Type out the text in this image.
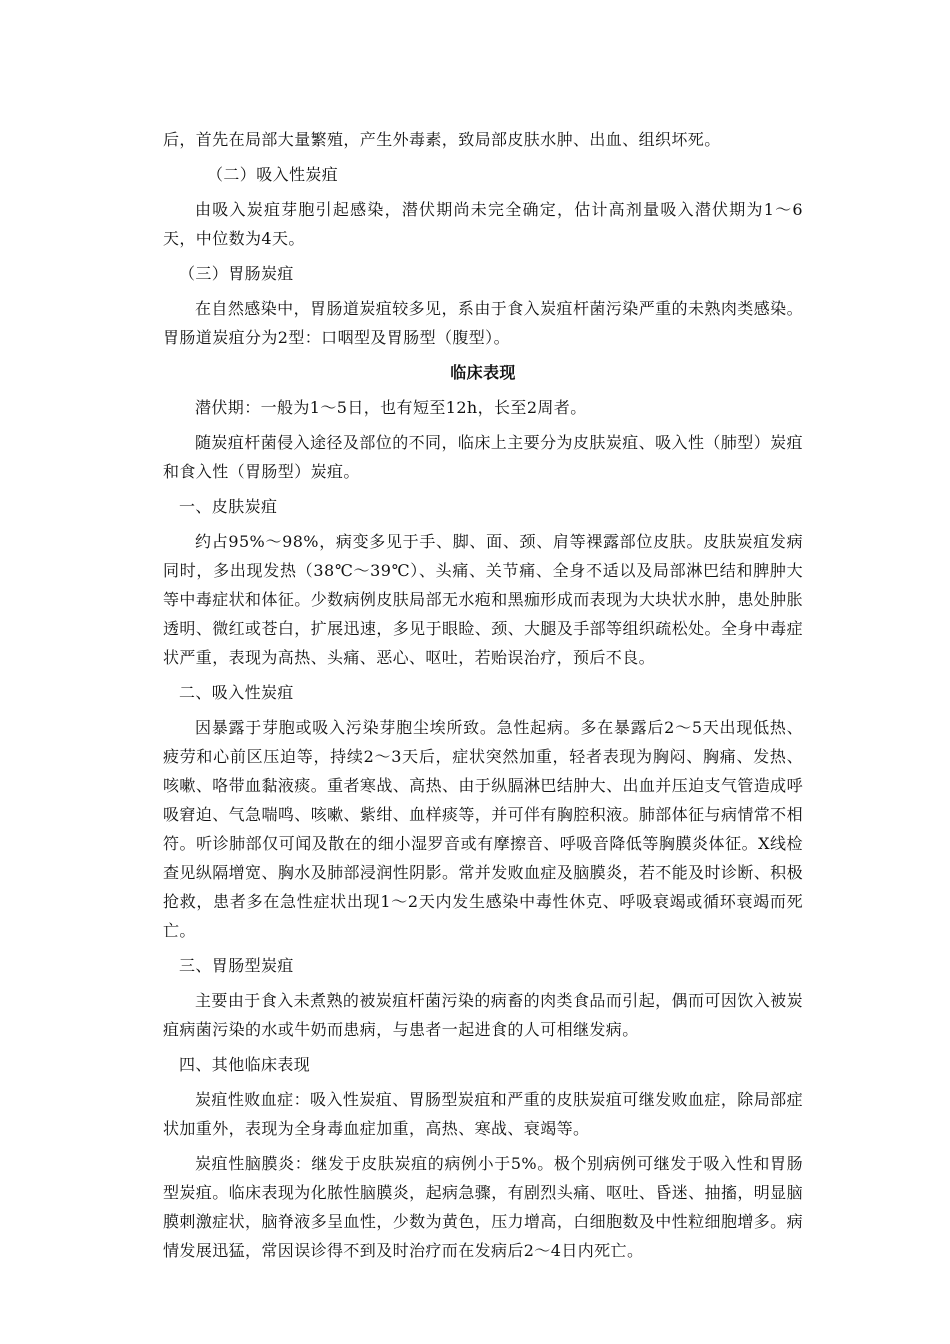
后，首先在局部大量繁殖，产生外毒素，致局部皮肤水肿、出血、组织坏死。

（二）吸入性炭疽

由吸入炭疽芽胞引起感染，潜伏期尚未完全确定，估计高剂量吸入潜伏期为1～6天，中位数为4天。

（三）胃肠炭疽

在自然感染中，胃肠道炭疽较多见，系由于食入炭疽杆菌污染严重的未熟肉类感染。胃肠道炭疽分为2型：口咽型及胃肠型（腹型）。

临床表现

潜伏期：一般为1～5日，也有短至12h，长至2周者。

随炭疽杆菌侵入途径及部位的不同，临床上主要分为皮肤炭疽、吸入性（肺型）炭疽和食入性（胃肠型）炭疽。

一、皮肤炭疽

约占95%～98%，病变多见于手、脚、面、颈、肩等裸露部位皮肤。皮肤炭疽发病同时，多出现发热（38℃～39℃）、头痛、关节痛、全身不适以及局部淋巴结和脾肿大等中毒症状和体征。少数病例皮肤局部无水疱和黑痂形成而表现为大块状水肿，患处肿胀透明、微红或苍白，扩展迅速，多见于眼睑、颈、大腿及手部等组织疏松处。全身中毒症状严重，表现为高热、头痛、恶心、呕吐，若贻误治疗，预后不良。

二、吸入性炭疽

因暴露于芽胞或吸入污染芽胞尘埃所致。急性起病。多在暴露后2～5天出现低热、疲劳和心前区压迫等，持续2～3天后，症状突然加重，轻者表现为胸闷、胸痛、发热、咳嗽、咯带血黏液痰。重者寒战、高热、由于纵膈淋巴结肿大、出血并压迫支气管造成呼吸窘迫、气急喘鸣、咳嗽、紫绀、血样痰等，并可伴有胸腔积液。肺部体征与病情常不相符。听诊肺部仅可闻及散在的细小湿罗音或有摩擦音、呼吸音降低等胸膜炎体征。X线检查见纵隔增宽、胸水及肺部浸润性阴影。常并发败血症及脑膜炎，若不能及时诊断、积极抢救，患者多在急性症状出现1～2天内发生感染中毒性休克、呼吸衰竭或循环衰竭而死亡。

三、胃肠型炭疽

主要由于食入未煮熟的被炭疽杆菌污染的病畜的肉类食品而引起，偶而可因饮入被炭疽病菌污染的水或牛奶而患病，与患者一起进食的人可相继发病。

四、其他临床表现

炭疽性败血症：吸入性炭疽、胃肠型炭疽和严重的皮肤炭疽可继发败血症，除局部症状加重外，表现为全身毒血症加重，高热、寒战、衰竭等。

炭疽性脑膜炎：继发于皮肤炭疽的病例小于5%。极个别病例可继发于吸入性和胃肠型炭疽。临床表现为化脓性脑膜炎，起病急骤，有剧烈头痛、呕吐、昏迷、抽搐，明显脑膜刺激症状，脑脊液多呈血性，少数为黄色，压力增高，白细胞数及中性粒细胞增多。病情发展迅猛，常因误诊得不到及时治疗而在发病后2～4日内死亡。
